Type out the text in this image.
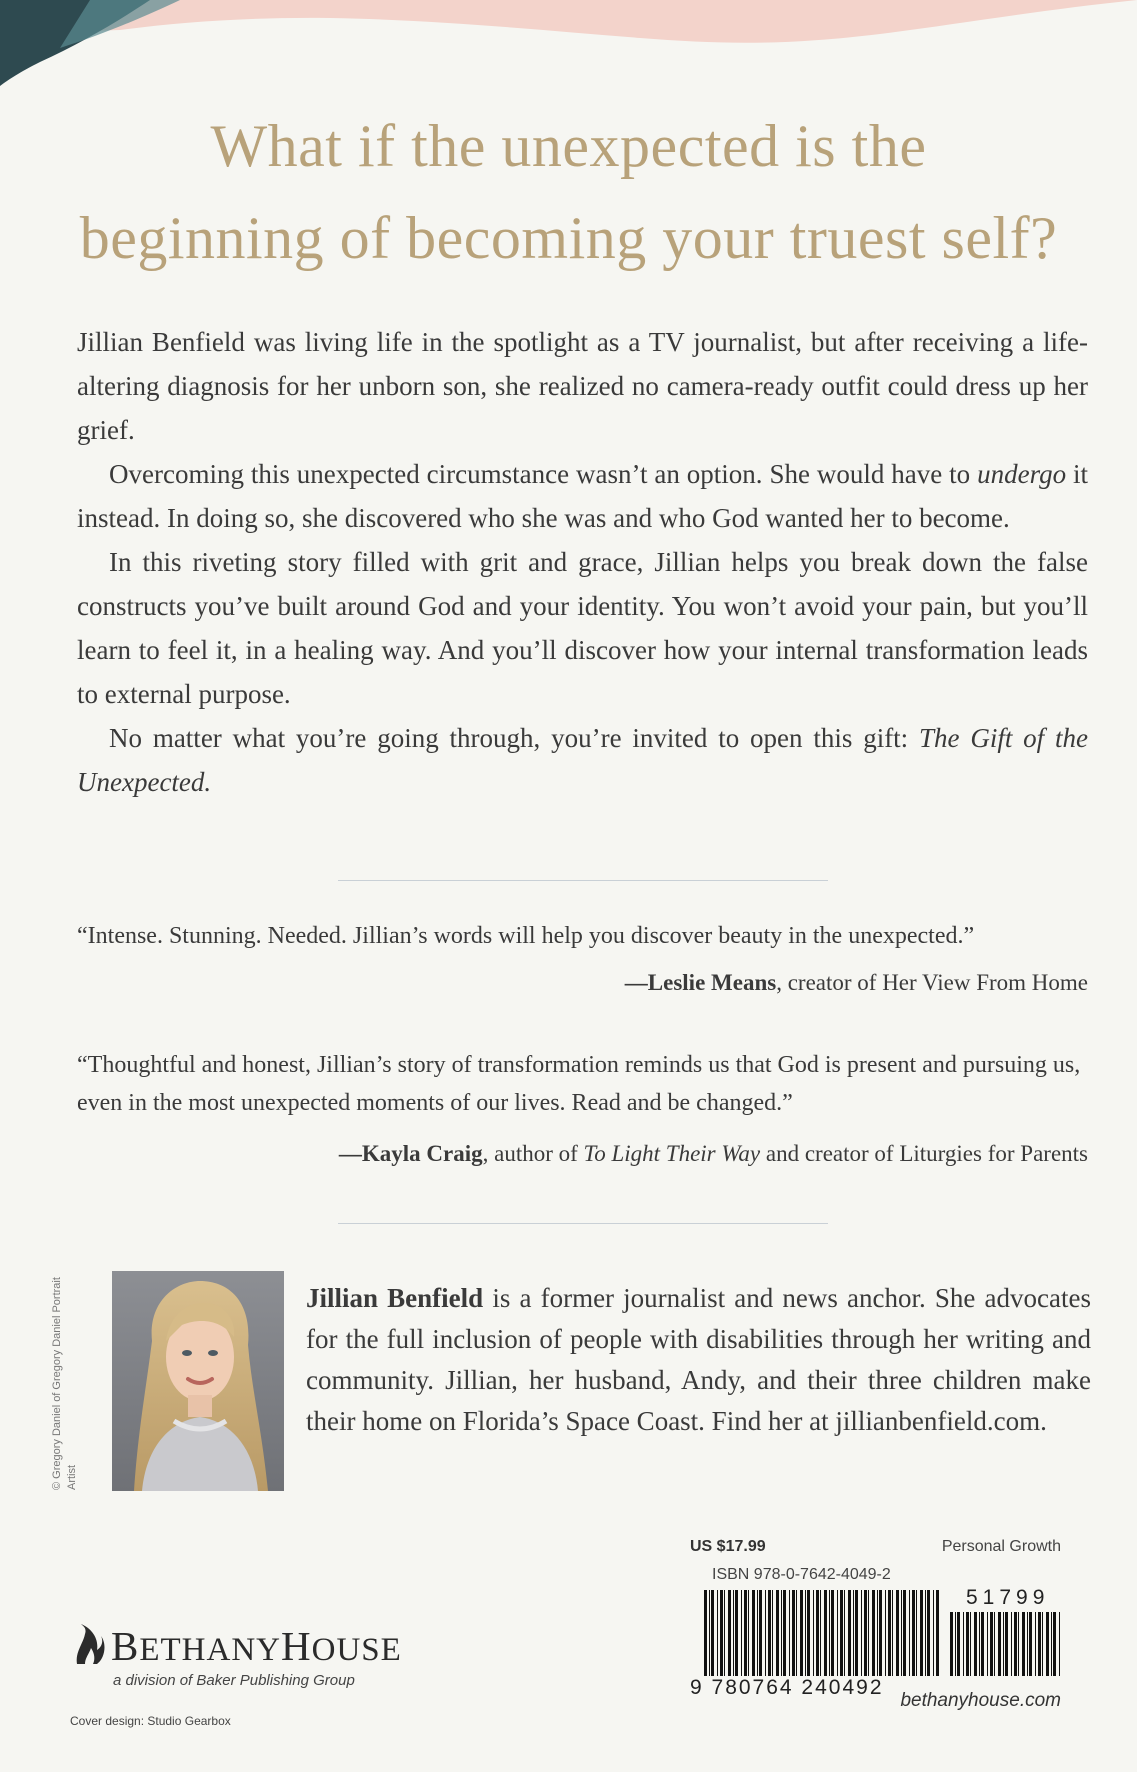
What if the unexpected is the
beginning of becoming your truest self?

Jillian Benfield was living life in the spotlight as a TV journalist, but after receiving a life-altering diagnosis for her unborn son, she realized no camera-ready outfit could dress up her grief.

Overcoming this unexpected circumstance wasn’t an option. She would have to undergo it instead. In doing so, she discovered who she was and who God wanted her to become.

In this riveting story filled with grit and grace, Jillian helps you break down the false constructs you’ve built around God and your identity. You won’t avoid your pain, but you’ll learn to feel it, in a healing way. And you’ll discover how your internal transformation leads to external purpose.

No matter what you’re going through, you’re invited to open this gift: The Gift of the Unexpected.

“Intense. Stunning. Needed. Jillian’s words will help you discover beauty in the unexpected.”
—Leslie Means, creator of Her View From Home
“Thoughtful and honest, Jillian’s story of transformation reminds us that God is present and pursuing us, even in the most unexpected moments of our lives. Read and be changed.”
—Kayla Craig, author of To Light Their Way and creator of Liturgies for Parents
© Gregory Daniel of Gregory Daniel Portrait Artist
Jillian Benfield is a former journalist and news anchor. She advocates for the full inclusion of people with disabilities through her writing and community. Jillian, her husband, Andy, and their three children make their home on Florida’s Space Coast. Find her at jillianbenfield.com.
BETHANYHOUSE
a division of Baker Publishing Group
Cover design: Studio Gearbox
US $17.99	Personal Growth
ISBN 978-0-7642-4049-2
9 780764 240492
51799
bethanyhouse.com
